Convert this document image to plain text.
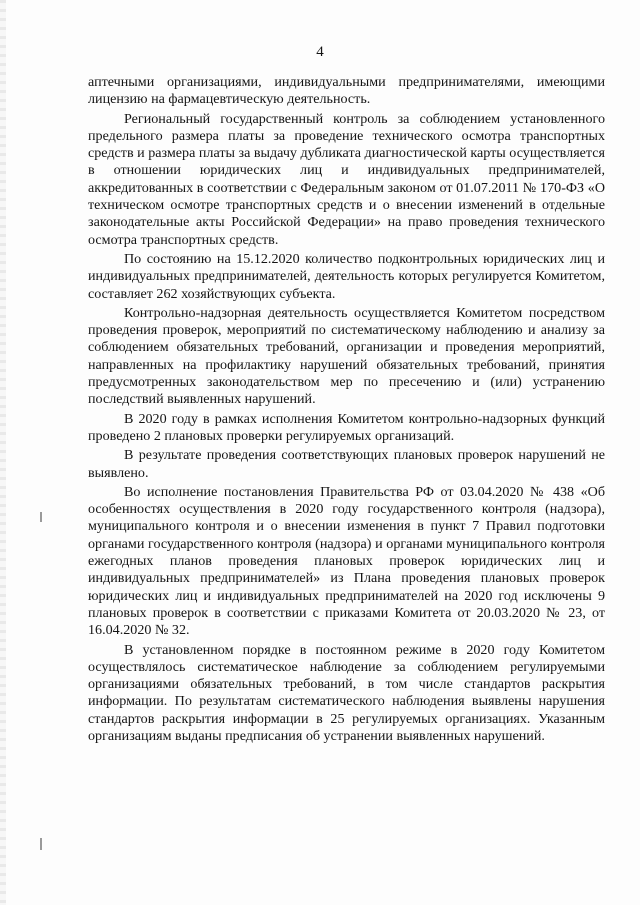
4

аптечными организациями, индивидуальными предпринимателями, имеющими лицензию на фармацевтическую деятельность.

Региональный государственный контроль за соблюдением установленного предельного размера платы за проведение технического осмотра транспортных средств и размера платы за выдачу дубликата диагностической карты осуществляется в отношении юридических лиц и индивидуальных предпринимателей, аккредитованных в соответствии с Федеральным законом от 01.07.2011 № 170-ФЗ «О техническом осмотре транспортных средств и о внесении изменений в отдельные законодательные акты Российской Федерации» на право проведения технического осмотра транспортных средств.

По состоянию на 15.12.2020 количество подконтрольных юридических лиц и индивидуальных предпринимателей, деятельность которых регулируется Комитетом, составляет 262 хозяйствующих субъекта.

Контрольно-надзорная деятельность осуществляется Комитетом посредством проведения проверок, мероприятий по систематическому наблюдению и анализу за соблюдением обязательных требований, организации и проведения мероприятий, направленных на профилактику нарушений обязательных требований, принятия предусмотренных законодательством мер по пресечению и (или) устранению последствий выявленных нарушений.

В 2020 году в рамках исполнения Комитетом контрольно-надзорных функций проведено 2 плановых проверки регулируемых организаций.

В результате проведения соответствующих плановых проверок нарушений не выявлено.

Во исполнение постановления Правительства РФ от 03.04.2020 № 438 «Об особенностях осуществления в 2020 году государственного контроля (надзора), муниципального контроля и о внесении изменения в пункт 7 Правил подготовки органами государственного контроля (надзора) и органами муниципального контроля ежегодных планов проведения плановых проверок юридических лиц и индивидуальных предпринимателей» из Плана проведения плановых проверок юридических лиц и индивидуальных предпринимателей на 2020 год исключены 9 плановых проверок в соответствии с приказами Комитета от 20.03.2020 № 23, от 16.04.2020 № 32.

В установленном порядке в постоянном режиме в 2020 году Комитетом осуществлялось систематическое наблюдение за соблюдением регулируемыми организациями обязательных требований, в том числе стандартов раскрытия информации. По результатам систематического наблюдения выявлены нарушения стандартов раскрытия информации в 25 регулируемых организациях. Указанным организациям выданы предписания об устранении выявленных нарушений.
